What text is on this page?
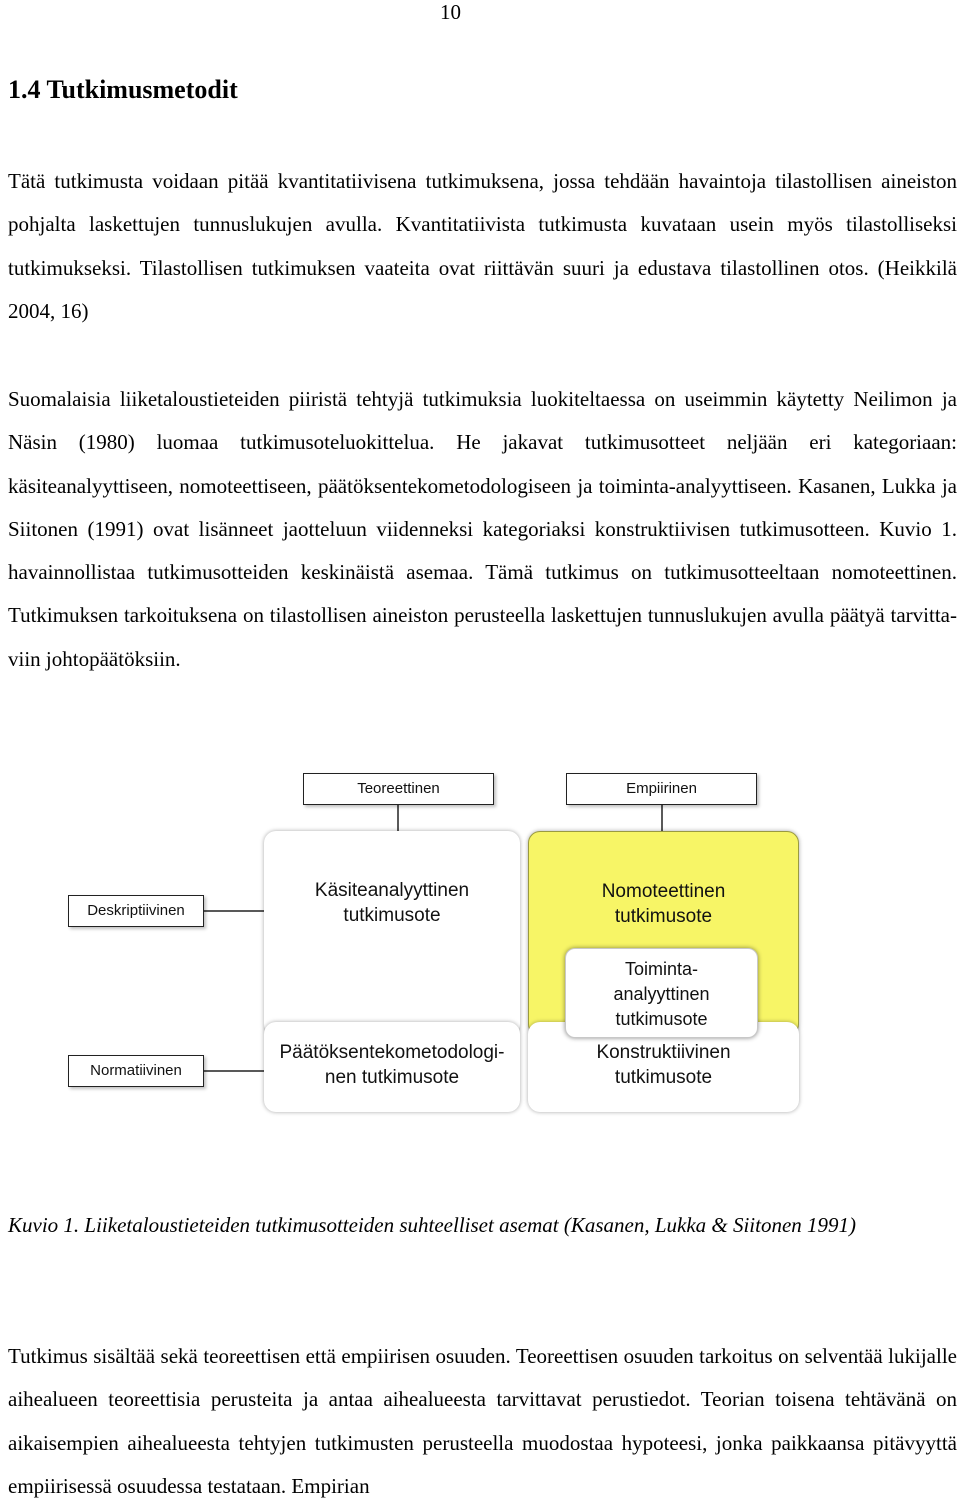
10
1.4 Tutkimusmetodit

Tätä tutkimusta voidaan pitää kvantitatiivisena tutkimuksena, jossa tehdään havaintoja tilastollisen aineiston pohjalta laskettujen tunnuslukujen avulla. Kvantitatiivista tutkimusta kuvataan usein myös tilastolliseksi tutkimukseksi. Tilastollisen tutkimuksen vaateita ovat riittävän suuri ja edustava tilastollinen otos. (Heikkilä 2004, 16)

Suomalaisia liiketaloustieteiden piiristä tehtyjä tutkimuksia luokiteltaessa on useimmin käytetty Neilimon ja Näsin (1980) luomaa tutkimusoteluokittelua. He jakavat tutkimusotteet neljään eri kategoriaan: käsiteanalyyttiseen, nomoteettiseen, päätöksentekometodologiseen ja toiminta-analyyttiseen. Kasanen, Lukka ja Siitonen (1991) ovat lisänneet jaotteluun viidenneksi kategoriaksi konstruktiivisen tutkimusotteen. Kuvio 1. havainnollistaa tutkimusotteiden keskinäistä asemaa. Tämä tutkimus on tutkimusotteeltaan nomoteettinen. Tutkimuksen tarkoituksena on tilastollisen aineiston perusteella laskettujen tunnuslukujen avulla päätyä tarvittaviin johtopäätöksiin.

Teoreettinen	Empiirinen
Deskriptiivinen
Normatiivinen
Käsiteanalyyttinen
tutkimusote
Päätöksentekometodologi-
nen tutkimusote
Nomoteettinen
tutkimusote
Konstruktiivinen
tutkimusote
Toiminta-
analyyttinen
tutkimusote

Kuvio 1. Liiketaloustieteiden tutkimusotteiden suhteelliset asemat (Kasanen, Lukka & Siitonen 1991)

Tutkimus sisältää sekä teoreettisen että empiirisen osuuden. Teoreettisen osuuden tarkoitus on selventää lukijalle aihealueen teoreettisia perusteita ja antaa aihealueesta tarvittavat perustiedot. Teorian toisena tehtävänä on aikaisempien aihealueesta tehtyjen tutkimusten perusteella muodostaa hypoteesi, jonka paikkaansa pitävyyttä empiirisessä osuudessa testataan. Empirian
